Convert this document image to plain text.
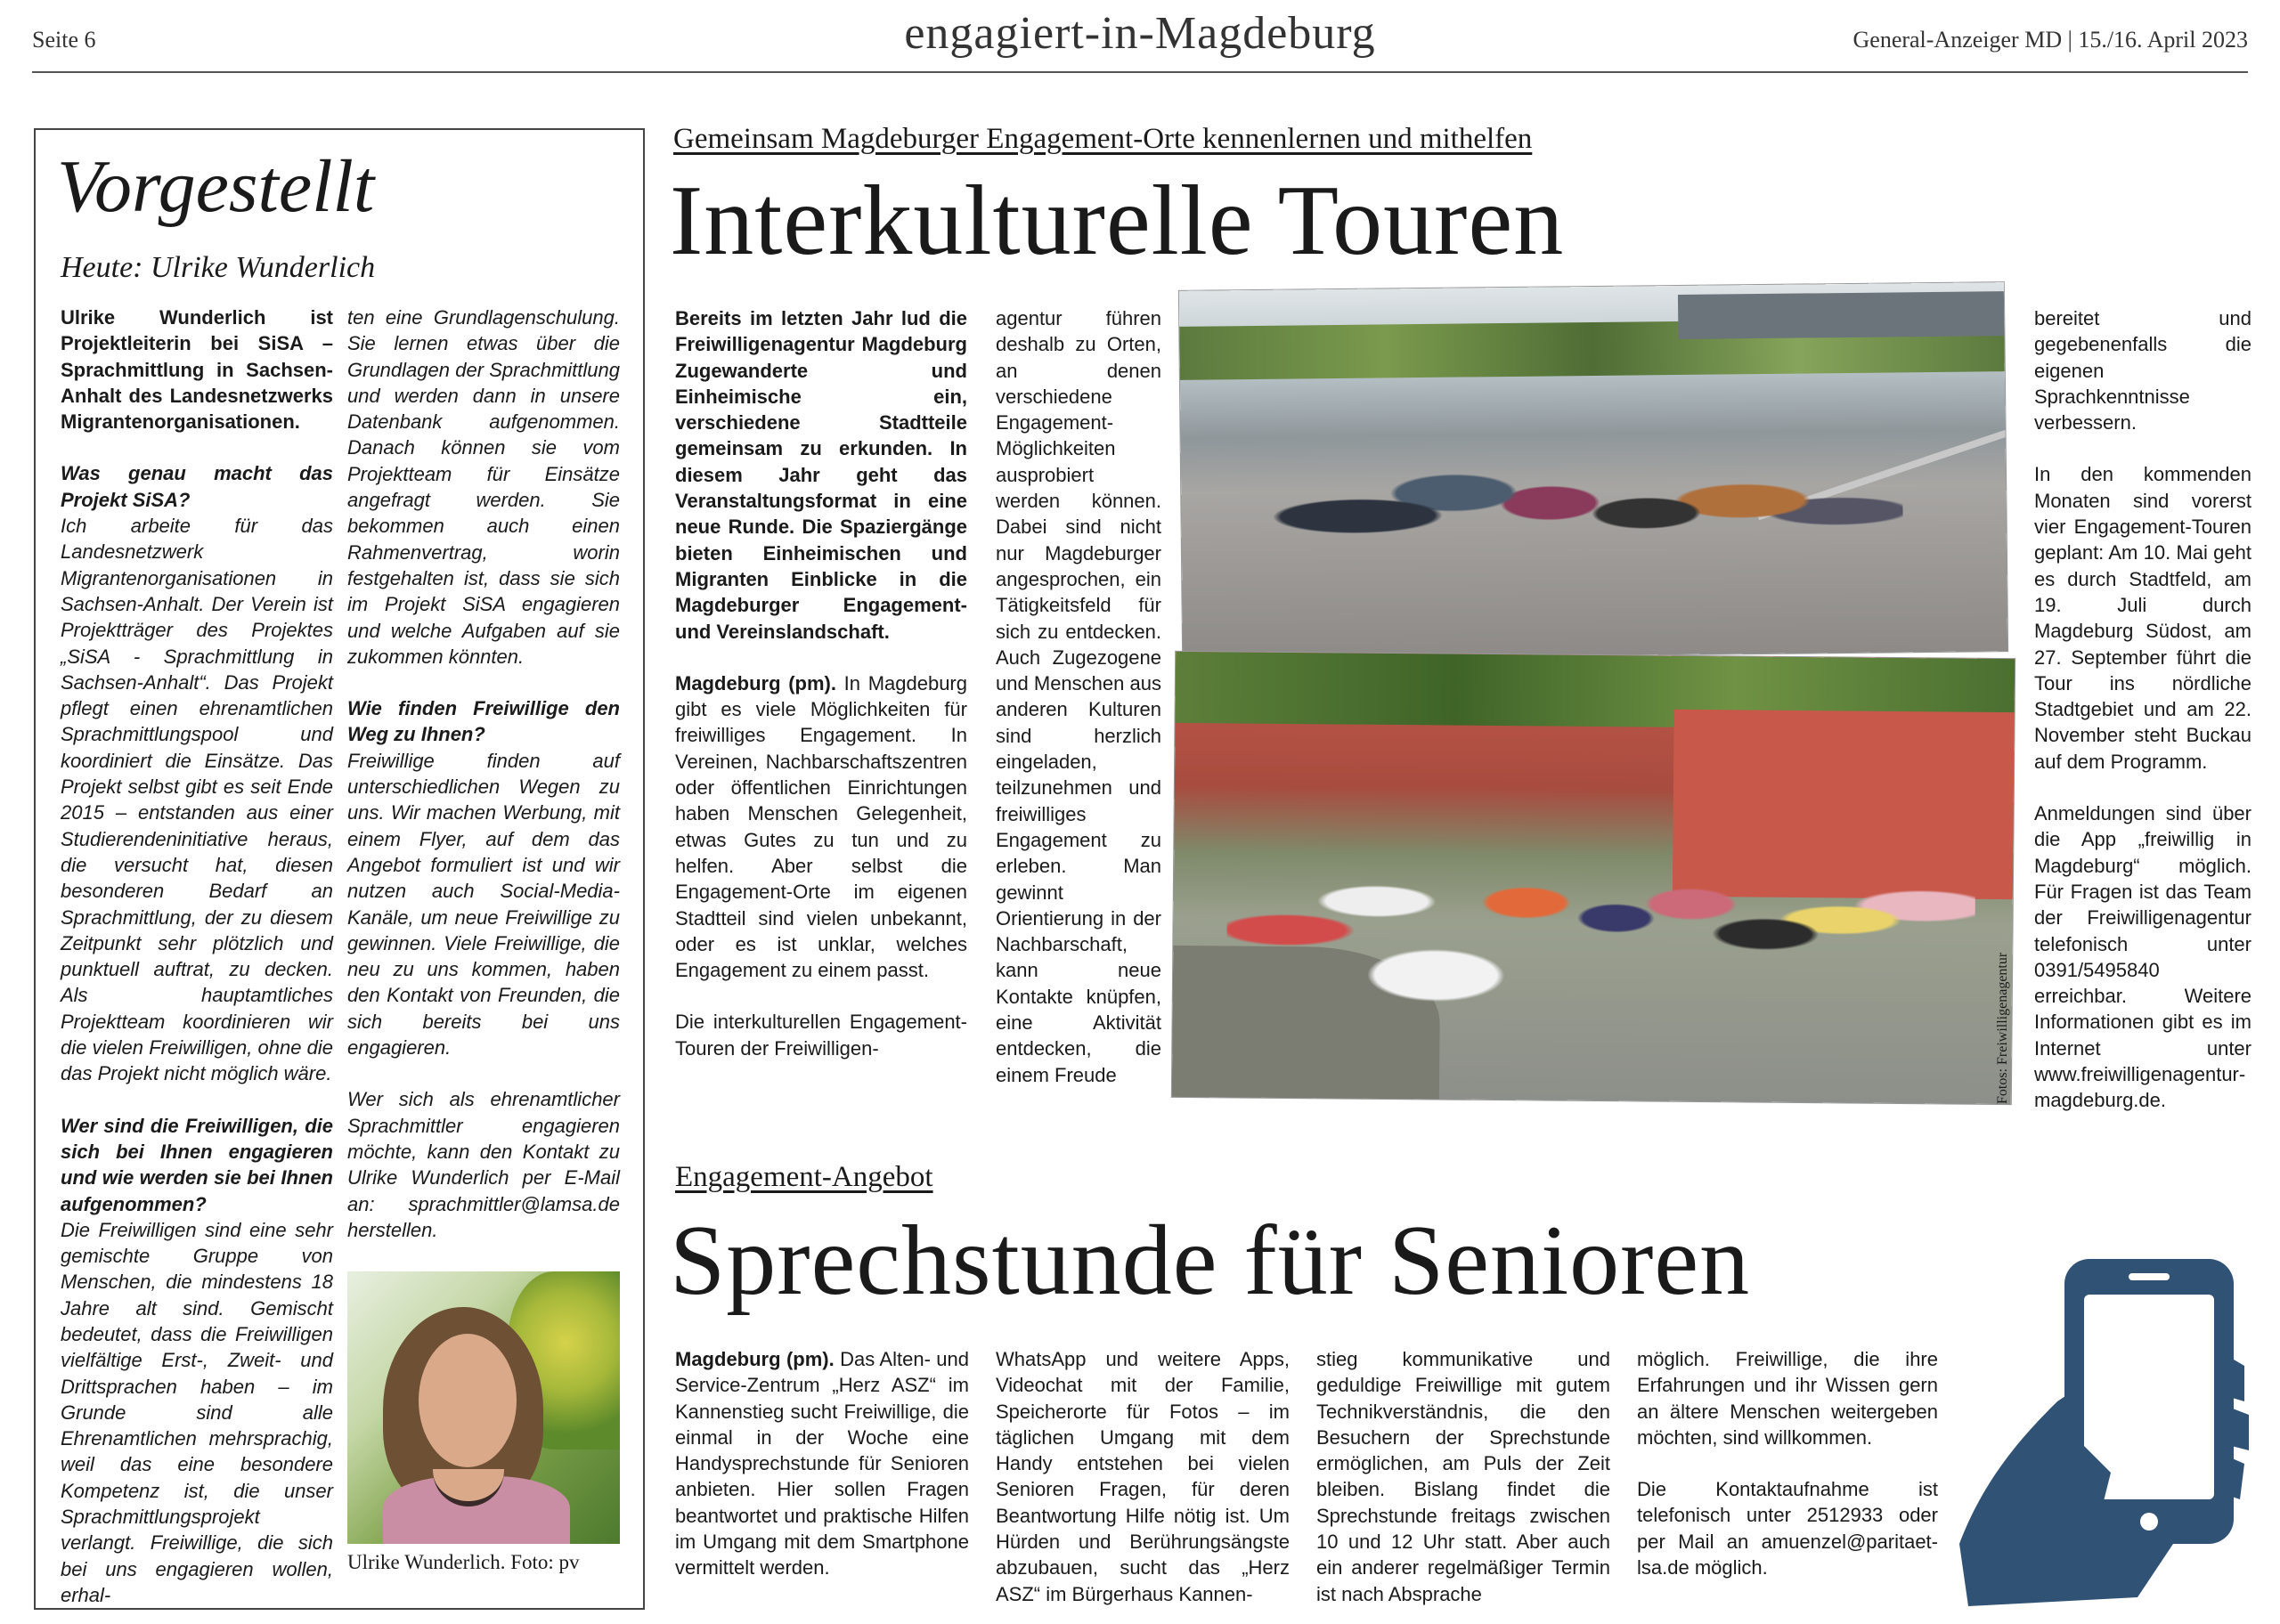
Seite 6	engagiert-in-Magdeburg	General-Anzeiger MD | 15./16. April 2023
Vorgestellt
Heute: Ulrike Wunderlich

Ulrike Wunderlich ist Projektleiterin bei SiSA – Sprachmittlung in Sachsen-Anhalt des Landesnetzwerks Migrantenorganisationen.

Was genau macht das Projekt SiSA?

Ich arbeite für das Landesnetzwerk Migrantenorganisationen in Sachsen-Anhalt. Der Verein ist Projektträger des Projektes „SiSA - Sprachmittlung in Sachsen-Anhalt“. Das Projekt pflegt einen ehrenamtlichen Sprachmittlungspool und koordiniert die Einsätze. Das Projekt selbst gibt es seit Ende 2015 – entstanden aus einer Studierendeninitiative heraus, die versucht hat, diesen besonderen Bedarf an Sprachmittlung, der zu diesem Zeitpunkt sehr plötzlich und punktuell auftrat, zu decken. Als hauptamtliches Projektteam koordinieren wir die vielen Freiwilligen, ohne die das Projekt nicht möglich wäre.

Wer sind die Freiwilligen, die sich bei Ihnen engagieren und wie werden sie bei Ihnen aufgenommen?

Die Freiwilligen sind eine sehr gemischte Gruppe von Menschen, die mindestens 18 Jahre alt sind. Gemischt bedeutet, dass die Freiwilligen vielfältige Erst-, Zweit- und Drittsprachen haben – im Grunde sind alle Ehrenamtlichen mehrsprachig, weil das eine besondere Kompetenz ist, die unser Sprachmittlungsprojekt verlangt. Freiwillige, die sich bei uns engagieren wollen, erhal-

ten eine Grundlagenschulung. Sie lernen etwas über die Grundlagen der Sprachmittlung und werden dann in unsere Datenbank aufgenommen. Danach können sie vom Projektteam für Einsätze angefragt werden. Sie bekommen auch einen Rahmenvertrag, worin festgehalten ist, dass sie sich im Projekt SiSA engagieren und welche Aufgaben auf sie zukommen könnten.

Wie finden Freiwillige den Weg zu Ihnen?

Freiwillige finden auf unterschiedlichen Wegen zu uns. Wir machen Werbung, mit einem Flyer, auf dem das Angebot formuliert ist und wir nutzen auch Social-Media-Kanäle, um neue Freiwillige zu gewinnen. Viele Freiwillige, die neu zu uns kommen, haben den Kontakt von Freunden, die sich bereits bei uns engagieren.

Wer sich als ehrenamtlicher Sprachmittler engagieren möchte, kann den Kontakt zu Ulrike Wunderlich per E-Mail an: sprachmittler@lamsa.de herstellen.

Ulrike Wunderlich. Foto: pv
Gemeinsam Magdeburger Engagement-Orte kennenlernen und mithelfen
Interkulturelle Touren

Bereits im letzten Jahr lud die Freiwilligenagentur Magdeburg Zugewanderte und Einheimische ein, verschiedene Stadtteile gemeinsam zu erkunden. In diesem Jahr geht das Veranstaltungsformat in eine neue Runde. Die Spaziergänge bieten Einheimischen und Migranten Einblicke in die Magdeburger Engagement- und Vereinslandschaft.

Magdeburg (pm). In Magdeburg gibt es viele Möglichkeiten für freiwilliges Engagement. In Vereinen, Nachbarschaftszentren oder öffentlichen Einrichtungen haben Menschen Gelegenheit, etwas Gutes zu tun und zu helfen. Aber selbst die Engagement-Orte im eigenen Stadtteil sind vielen unbekannt, oder es ist unklar, welches Engagement zu einem passt.

Die interkulturellen Engagement-Touren der Freiwilligen-

agentur führen deshalb zu Orten, an denen verschiedene Engagement-Möglichkeiten ausprobiert werden können. Dabei sind nicht nur Magdeburger angesprochen, ein Tätigkeitsfeld für sich zu entdecken. Auch Zugezogene und Menschen aus anderen Kulturen sind herzlich eingeladen, teilzunehmen und freiwilliges Engagement zu erleben. Man gewinnt Orientierung in der Nachbarschaft, kann neue Kontakte knüpfen, eine Aktivität entdecken, die einem Freude	Fotos: Freiwilligenagentur

bereitet und gegebenenfalls die eigenen Sprachkenntnisse verbessern.

In den kommenden Monaten sind vorerst vier Engagement-Touren geplant: Am 10. Mai geht es durch Stadtfeld, am 19. Juli durch Magdeburg Südost, am 27. September führt die Tour ins nördliche Stadtgebiet und am 22. November steht Buckau auf dem Programm.

Anmeldungen sind über die App „freiwillig in Magdeburg“ möglich. Für Fragen ist das Team der Freiwilligenagentur telefonisch unter 0391/5495840 erreichbar. Weitere Informationen gibt es im Internet unter www.freiwilligenagentur-magdeburg.de.

Engagement-Angebot
Sprechstunde für Senioren

Magdeburg (pm). Das Alten- und Service-Zentrum „Herz ASZ“ im Kannenstieg sucht Freiwillige, die einmal in der Woche eine Handysprechstunde für Senioren anbieten. Hier sollen Fragen beantwortet und praktische Hilfen im Umgang mit dem Smartphone vermittelt werden.

WhatsApp und weitere Apps, Videochat mit der Familie, Speicherorte für Fotos – im täglichen Umgang mit dem Handy entstehen bei vielen Senioren Fragen, für deren Beantwortung Hilfe nötig ist. Um Hürden und Berührungsängste abzubauen, sucht das „Herz ASZ“ im Bürgerhaus Kannen-

stieg kommunikative und geduldige Freiwillige mit gutem Technikverständnis, die den Besuchern der Sprechstunde ermöglichen, am Puls der Zeit bleiben. Bislang findet die Sprechstunde freitags zwischen 10 und 12 Uhr statt. Aber auch ein anderer regelmäßiger Termin ist nach Absprache

möglich. Freiwillige, die ihre Erfahrungen und ihr Wissen gern an ältere Menschen weitergeben möchten, sind willkommen.

Die Kontaktaufnahme ist telefonisch unter 2512933 oder per Mail an amuenzel@paritaet-lsa.de möglich.
